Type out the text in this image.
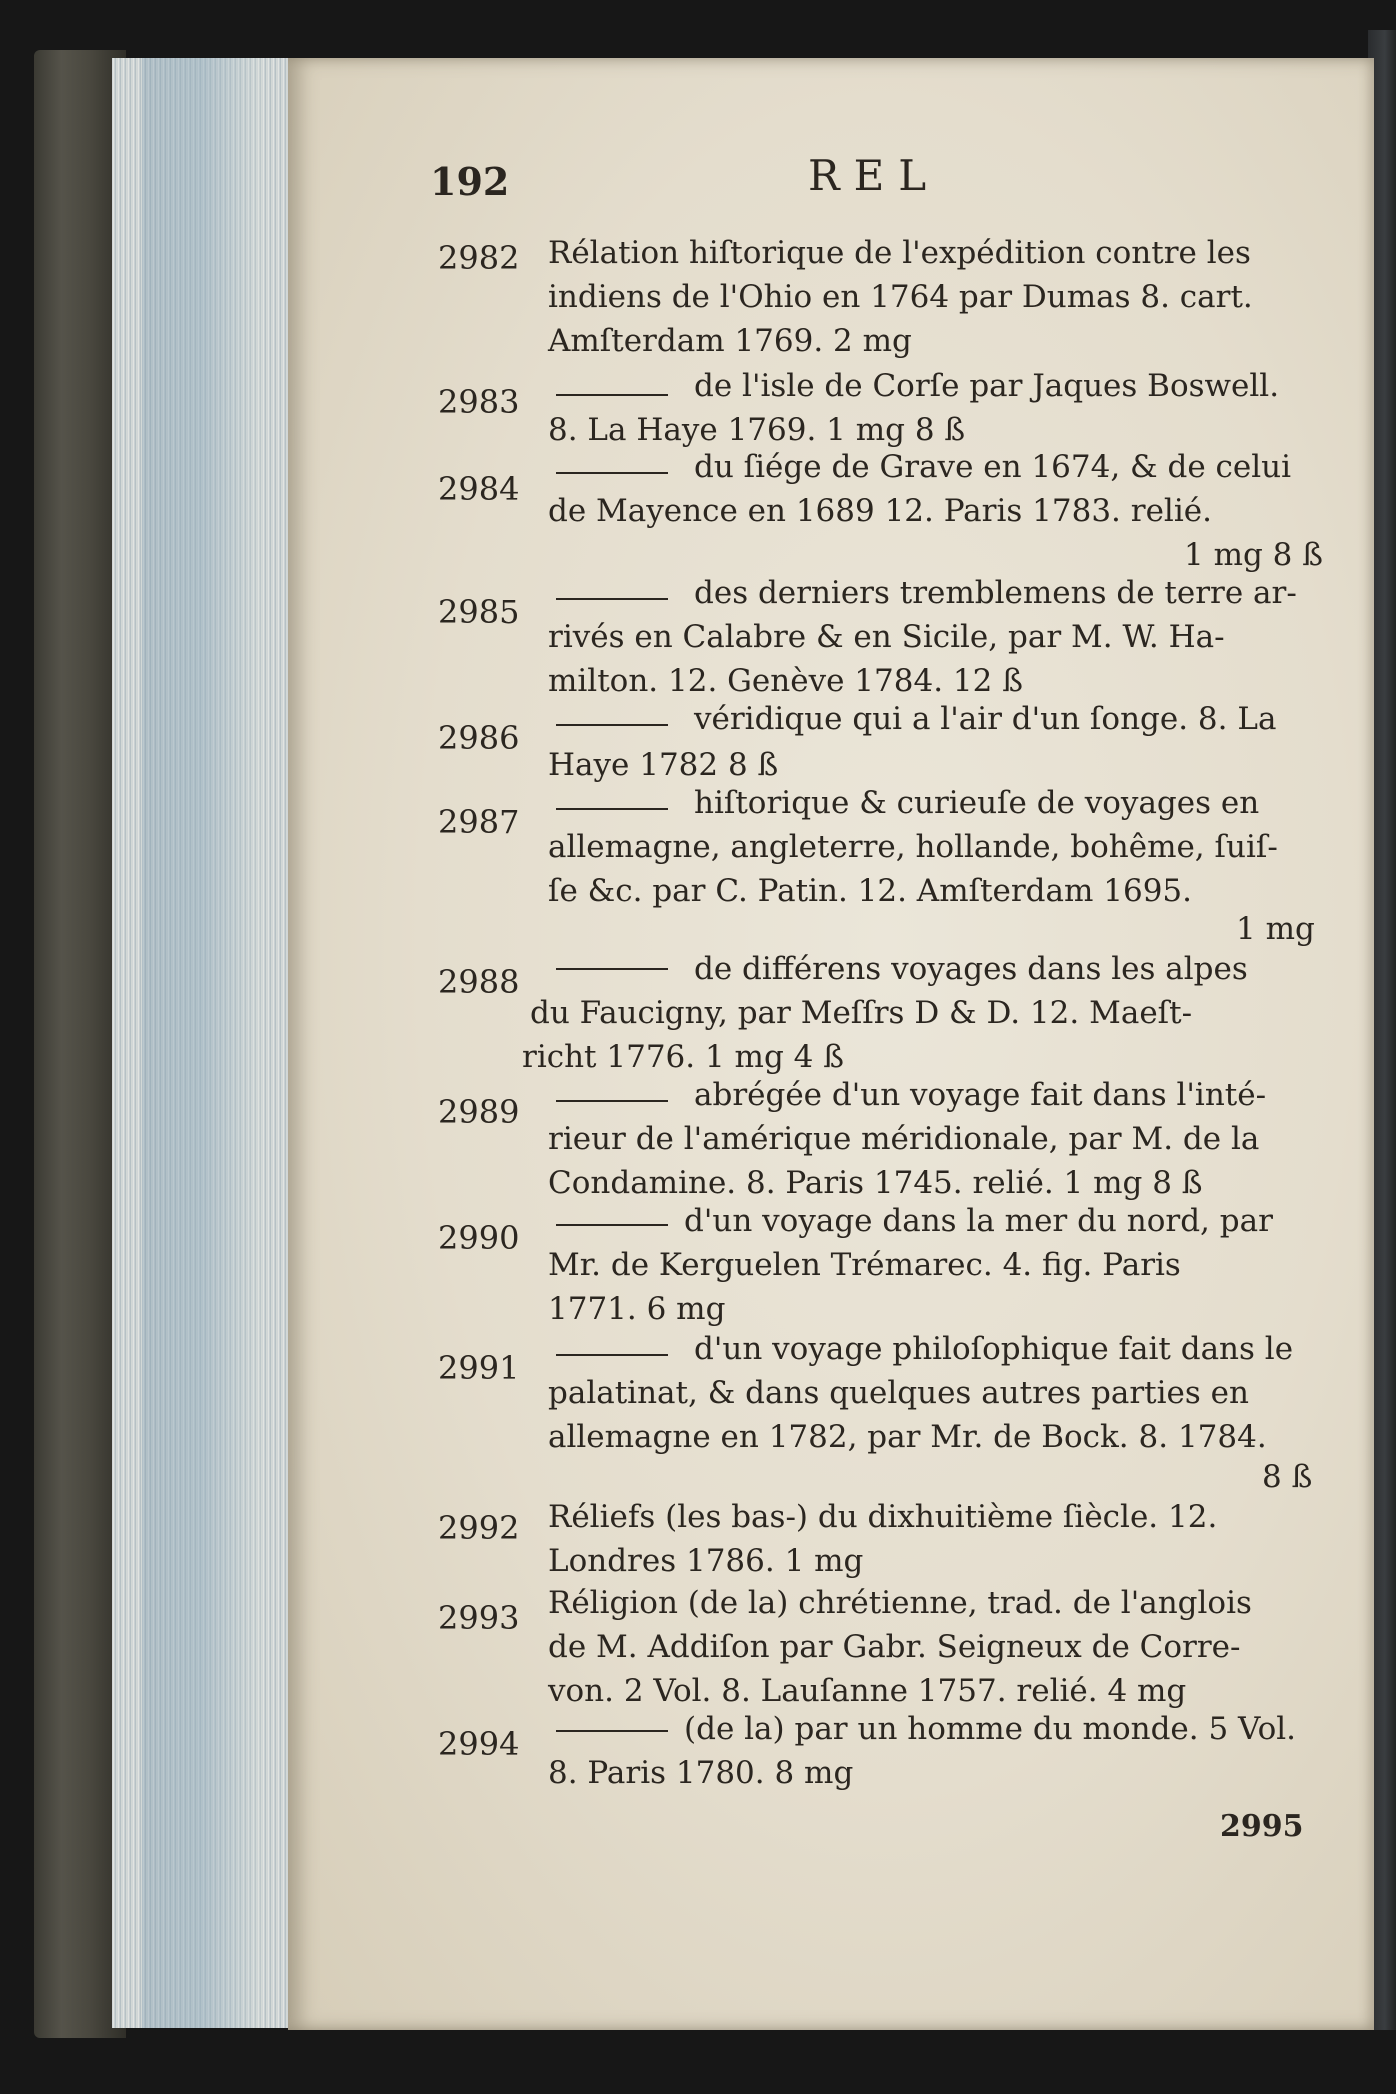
192	REL
2982 Rélation hiſtorique de l'expédition contre les
indiens de l'Ohio en 1764 par Dumas 8. cart.
Amſterdam 1769. 2 mg
2983	de l'isle de Corſe par Jaques Boswell.
8. La Haye 1769. 1 mg 8 ß
2984
du ſiége de Grave en 1674, & de celui
de Mayence en 1689 12. Paris 1783. relié.
1 mg 8 ß
2985	des derniers tremblemens de terre ar-
rivés en Calabre & en Sicile, par M. W. Ha-
milton. 12. Genève 1784. 12 ß
2986	véridique qui a l'air d'un ſonge. 8. La
Haye 1782 8 ß
2987	hiſtorique & curieuſe de voyages en
allemagne, angleterre, hollande, bohême, ſuiſ-
ſe &c. par C. Patin. 12. Amſterdam 1695.
1 mg
2988	de différens voyages dans les alpes
du Faucigny, par Meſſrs D & D. 12. Maeſt-
richt 1776. 1 mg 4 ß
2989	abrégée d'un voyage fait dans l'inté-
rieur de l'amérique méridionale, par M. de la
Condamine. 8. Paris 1745. relié. 1 mg 8 ß
2990	d'un voyage dans la mer du nord, par
Mr. de Kerguelen Trémarec. 4. fig. Paris
1771. 6 mg
2991	d'un voyage philoſophique fait dans le
palatinat, & dans quelques autres parties en
allemagne en 1782, par Mr. de Bock. 8. 1784.
8 ß
2992 Réliefs (les bas-) du dixhuitième ſiècle. 12.
Londres 1786. 1 mg
2993 Réligion (de la) chrétienne, trad. de l'anglois
de M. Addiſon par Gabr. Seigneux de Corre-
von. 2 Vol. 8. Lauſanne 1757. relié. 4 mg
2994	(de la) par un homme du monde. 5 Vol.
8. Paris 1780. 8 mg
2995
